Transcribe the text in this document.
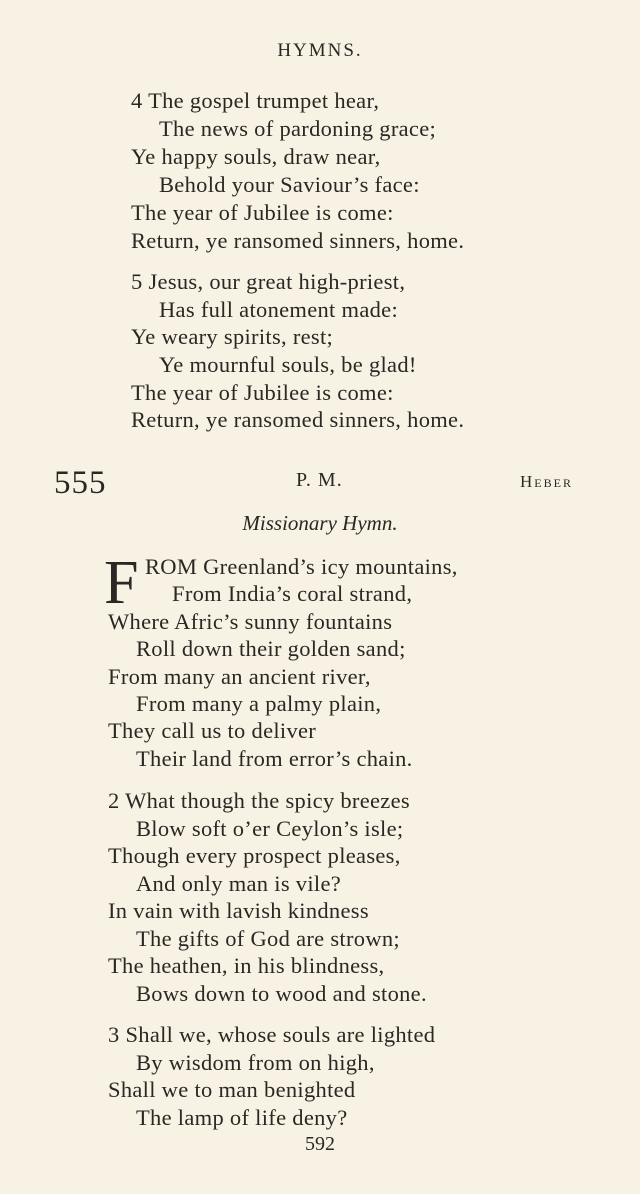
HYMNS.
4 The gospel trumpet hear,
The news of pardoning grace;
Ye happy souls, draw near,
Behold your Saviour’s face:
The year of Jubilee is come:
Return, ye ransomed sinners, home.
5 Jesus, our great high-priest,
Has full atonement made:
Ye weary spirits, rest;
Ye mournful souls, be glad!
The year of Jubilee is come:
Return, ye ransomed sinners, home.
555	P. M.	Heber
Missionary Hymn.
F ROM Greenland’s icy mountains,
From India’s coral strand,
Where Afric’s sunny fountains
Roll down their golden sand;
From many an ancient river,
From many a palmy plain,
They call us to deliver
Their land from error’s chain.
2 What though the spicy breezes
Blow soft o’er Ceylon’s isle;
Though every prospect pleases,
And only man is vile?
In vain with lavish kindness
The gifts of God are strown;
The heathen, in his blindness,
Bows down to wood and stone.
3 Shall we, whose souls are lighted
By wisdom from on high,
Shall we to man benighted
The lamp of life deny?
592
